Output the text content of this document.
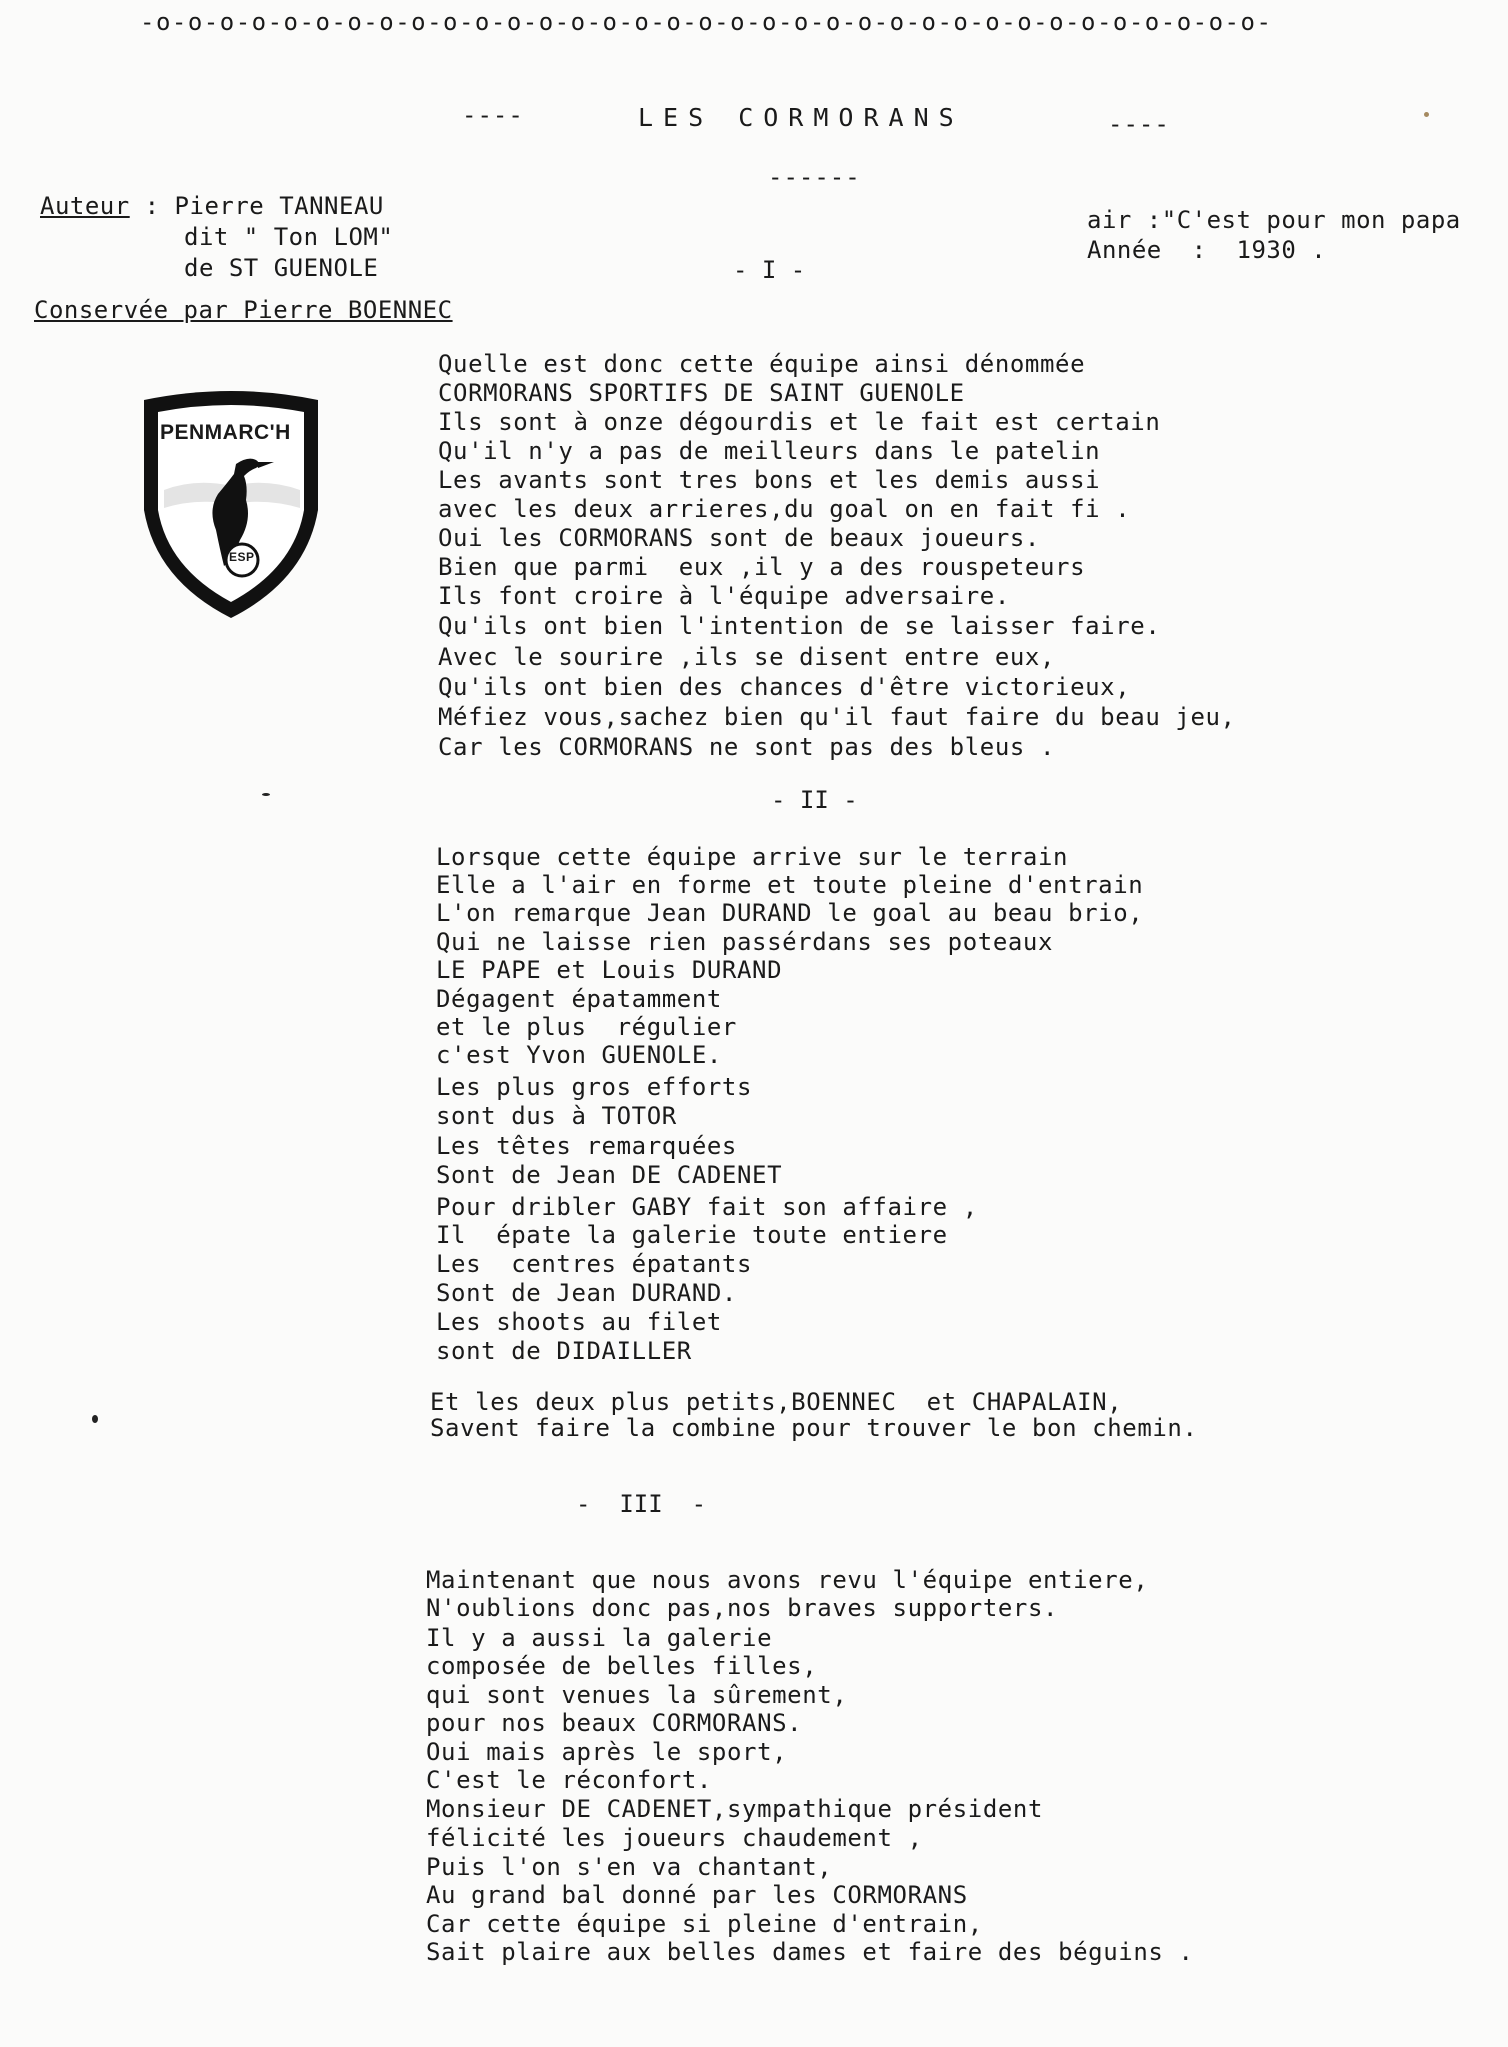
-o-o-o-o-o-o-o-o-o-o-o-o-o-o-o-o-o-o-o-o-o-o-o-o-o-o-o-o-o-o-o-o-o-o-o-
----	LES CORMORANS	----
------
Auteur : Pierre TANNEAU
dit " Ton LOM"
de ST GUENOLE
Conservée par Pierre BOENNEC
air :"C'est pour mon papa
Année  :  1930 .
PENMARC'H
ESP
- I -
Quelle est donc cette équipe ainsi dénommée
CORMORANS SPORTIFS DE SAINT GUENOLE
Ils sont à onze dégourdis et le fait est certain
Qu'il n'y a pas de meilleurs dans le patelin
Les avants sont tres bons et les demis aussi
avec les deux arrieres,du goal on en fait fi .
Oui les CORMORANS sont de beaux joueurs.
Bien que parmi  eux ,il y a des rouspeteurs
Ils font croire à l'équipe adversaire.
Qu'ils ont bien l'intention de se laisser faire.
Avec le sourire ,ils se disent entre eux,
Qu'ils ont bien des chances d'être victorieux,
Méfiez vous,sachez bien qu'il faut faire du beau jeu,
Car les CORMORANS ne sont pas des bleus .
- II -
Lorsque cette équipe arrive sur le terrain
Elle a l'air en forme et toute pleine d'entrain
L'on remarque Jean DURAND le goal au beau brio,
Qui ne laisse rien passérdans ses poteaux
LE PAPE et Louis DURAND
Dégagent épatamment
et le plus  régulier
c'est Yvon GUENOLE.
Les plus gros efforts
sont dus à TOTOR
Les têtes remarquées
Sont de Jean DE CADENET
Pour dribler GABY fait son affaire ,
Il  épate la galerie toute entiere
Les  centres épatants
Sont de Jean DURAND.
Les shoots au filet
sont de DIDAILLER
Et les deux plus petits,BOENNEC  et CHAPALAIN,
Savent faire la combine pour trouver le bon chemin.
-  III  -
Maintenant que nous avons revu l'équipe entiere,
N'oublions donc pas,nos braves supporters.
Il y a aussi la galerie
composée de belles filles,
qui sont venues la sûrement,
pour nos beaux CORMORANS.
Oui mais après le sport,
C'est le réconfort.
Monsieur DE CADENET,sympathique président
félicité les joueurs chaudement ,
Puis l'on s'en va chantant,
Au grand bal donné par les CORMORANS
Car cette équipe si pleine d'entrain,
Sait plaire aux belles dames et faire des béguins .
